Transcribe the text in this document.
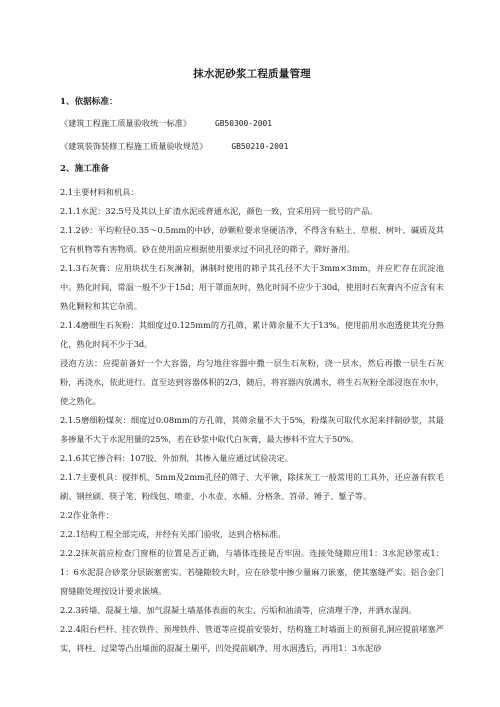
抹水泥砂浆工程质量管理
1、依据标准：
《建筑工程施工质量验收统一标准》	GB50300-2001
《建筑装饰装修工程施工质量验收规范》	GB50210-2001
2、施工准备

2.1主要材料和机具：

2.1.1水泥：32.5号及其以上矿渣水泥或普通水泥，颜色一致，宜采用同一批号的产品。

2.1.2砂：平均粒径0.35～0.5mm的中砂，砂颗粒要求坚硬洁净，不得含有粘土、草根、树叶、碱质及其它有机物等有害物质。砂在使用前应根据使用要求过不同孔径的筛子，筛好备用。

2.1.3石灰膏：应用块状生石灰淋制，淋制时使用的筛子其孔径不大于3mm×3mm，并应贮存在沉淀池中。熟化时间，常温一般不少于15d；用于罩面灰时，熟化时间不应少于30d，使用时石灰膏内不应含有未熟化颗粒和其它杂质。

2.1.4磨细生石灰粉：其细度过0.125mm的方孔筛，累计筛余量不大于13%。使用前用水泡透使其充分熟化，熟化时间不少于3d。

浸泡方法：应提前备好一个大容器，均匀地往容器中撒一层生石灰粉，浇一层水，然后再撒一层生石灰粉，再浇水，依此进行。直至达到容器体积的2/3，随后，将容器内放满水，将生石灰粉全部浸泡在水中，使之熟化。

2.1.5磨细粉煤灰：细度过0.08mm的方孔筛，其筛余量不大于5%，粉煤灰可取代水泥来拌制砂浆，其最多掺量不大于水泥用量的25%，若在砂浆中取代白灰膏，最大掺料不宜大于50%。

2.1.6其它掺合料：107胶、外加剂，其掺入量应通过试验决定。

2.1.7主要机具：搅拌机、5mm及2mm孔径的筛子、大平锹，除抹灰工一般常用的工具外，还应备有软毛刷、钢丝刷、筷子笔、粉线包、喷壶、小水壶、水桶、分格条、笤帚、锤子、錾子等。

2.2作业条件：

2.2.1结构工程全部完成，并经有关部门验收，达到合格标准。

2.2.2抹灰前应检查门窗框的位置是否正确，与墙体连接是否牢固。连接处缝隙应用1：3水泥砂浆或1：1：6水泥混合砂浆分层嵌塞密实。若缝隙较大时，应在砂浆中掺少量麻刀嵌塞，使其塞缝严实。铝合金门窗缝隙处理按设计要求嵌填。

2.2.3砖墙、混凝土墙、加气混凝土墙基体表面的灰尘、污垢和油渍等，应清理干净，并洒水湿润。

2.2.4阳台栏杆、挂衣铁件、预埋铁件、管道等应提前安装好，结构施工时墙面上的预留孔洞应提前堵塞严实，将柱、过梁等凸出墙面的混凝土剔平，凹处提前刷净，用水洇透后，再用1：3水泥砂
